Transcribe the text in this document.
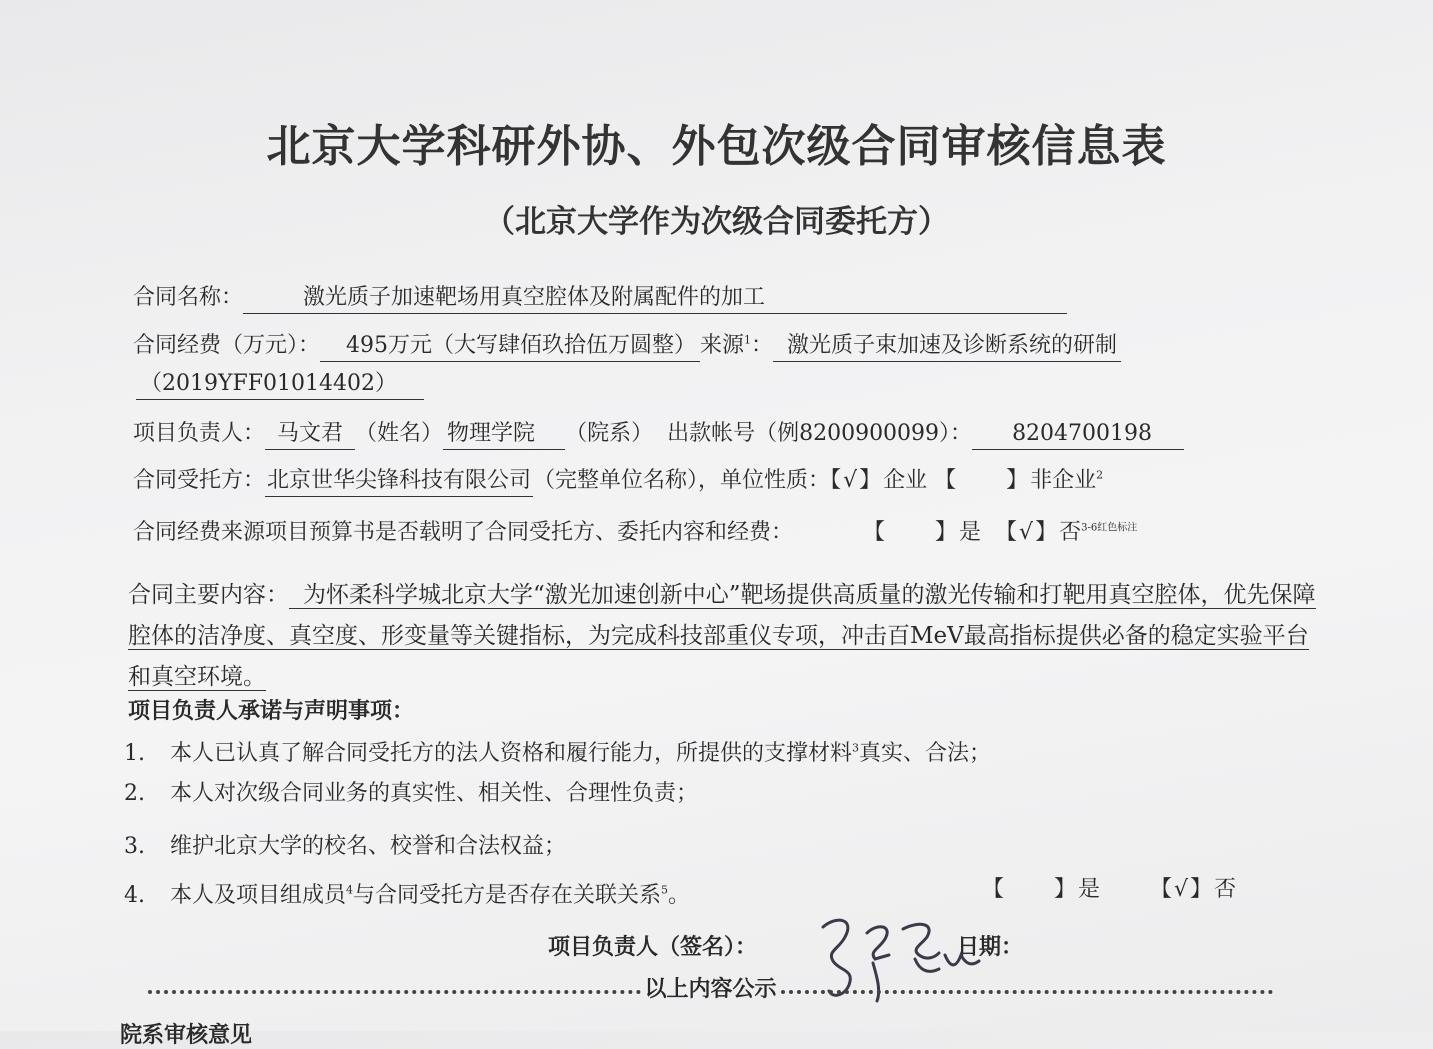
北京大学科研外协、外包次级合同审核信息表
（北京大学作为次级合同委托方）
合同名称：	激光质子加速靶场用真空腔体及附属配件的加工
合同经费（万元）： 495万元（大写肆佰玖拾伍万圆整） 来源$^1$： 激光质子束加速及诊断系统的研制
（2019YFF01014402）
项目负责人： 马文君 （姓名） 物理学院 （院系） 出款帐号（例8200900099）： 8204700198
合同受托方：北京世华尖锋科技有限公司（完整单位名称），单位性质：【√】企业 【　　】非企业$^2$
合同经费来源项目预算书是否载明了合同受托方、委托内容和经费：	【　　】是 【√】否$^{3-6红色标注}$
合同主要内容： 为怀柔科学城北京大学“激光加速创新中心”靶场提供高质量的激光传输和打靶用真空腔体，优先保障腔体的洁净度、真空度、形变量等关键指标，为完成科技部重仪专项，冲击百MeV最高指标提供必备的稳定实验平台和真空环境。
项目负责人承诺与声明事项：
1. 本人已认真了解合同受托方的法人资格和履行能力，所提供的支撑材料$^3$真实、合法；
2. 本人对次级合同业务的真实性、相关性、合理性负责；
3. 维护北京大学的校名、校誉和合法权益；
4. 本人及项目组成员$^4$与合同受托方是否存在关联关系$^5$。	【　　】是 【√】否
项目负责人（签名）：	日期：
以上内容公示
院系审核意见
